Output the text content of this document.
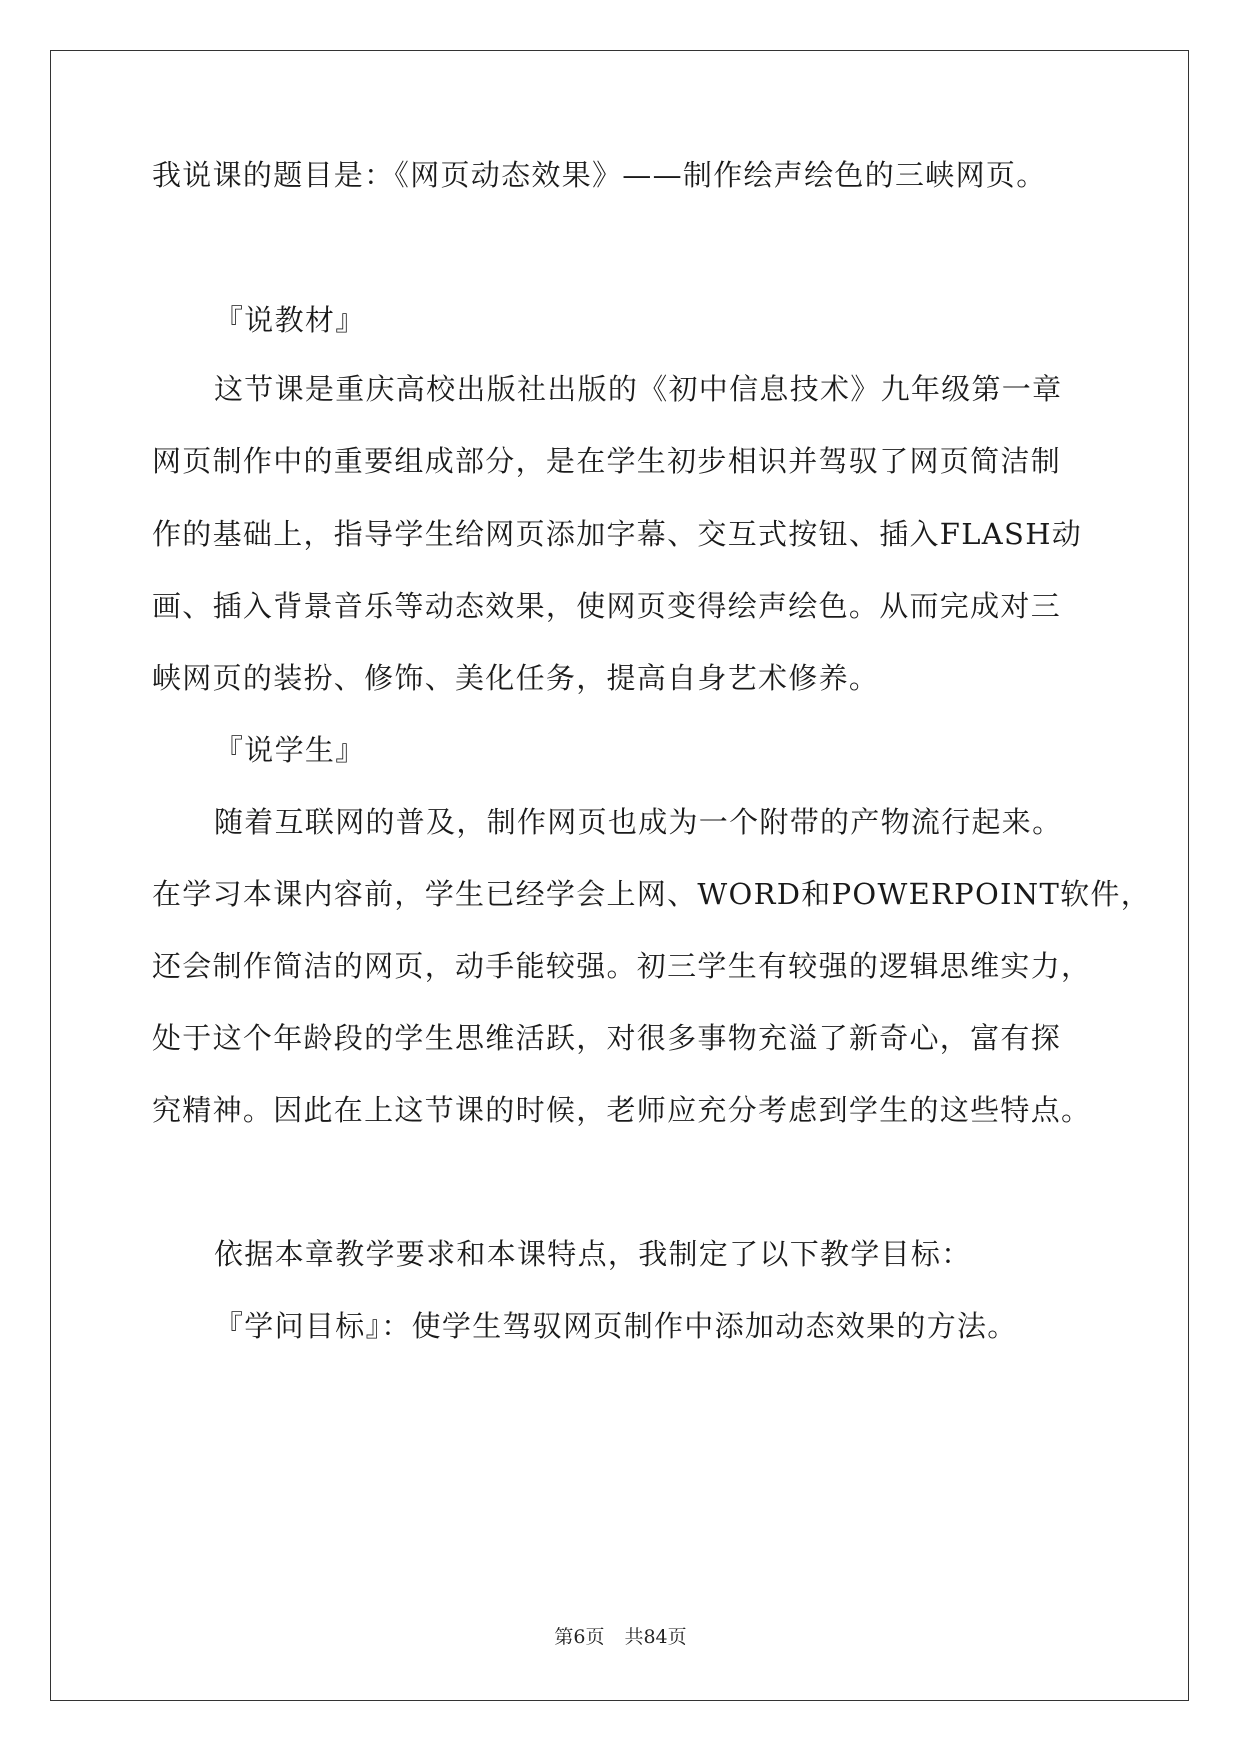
我说课的题目是：《网页动态效果》——制作绘声绘色的三峡网页。
『说教材』
这节课是重庆高校出版社出版的《初中信息技术》九年级第一章
网页制作中的重要组成部分，是在学生初步相识并驾驭了网页简洁制
作的基础上，指导学生给网页添加字幕、交互式按钮、插入FLASH动
画、插入背景音乐等动态效果，使网页变得绘声绘色。从而完成对三
峡网页的装扮、修饰、美化任务，提高自身艺术修养。
『说学生』
随着互联网的普及，制作网页也成为一个附带的产物流行起来。
在学习本课内容前，学生已经学会上网、WORD和POWERPOINT软件，
还会制作简洁的网页，动手能较强。初三学生有较强的逻辑思维实力，
处于这个年龄段的学生思维活跃，对很多事物充溢了新奇心，富有探
究精神。因此在上这节课的时候，老师应充分考虑到学生的这些特点。
依据本章教学要求和本课特点，我制定了以下教学目标：
『学问目标』：使学生驾驭网页制作中添加动态效果的方法。
第6页 共84页
